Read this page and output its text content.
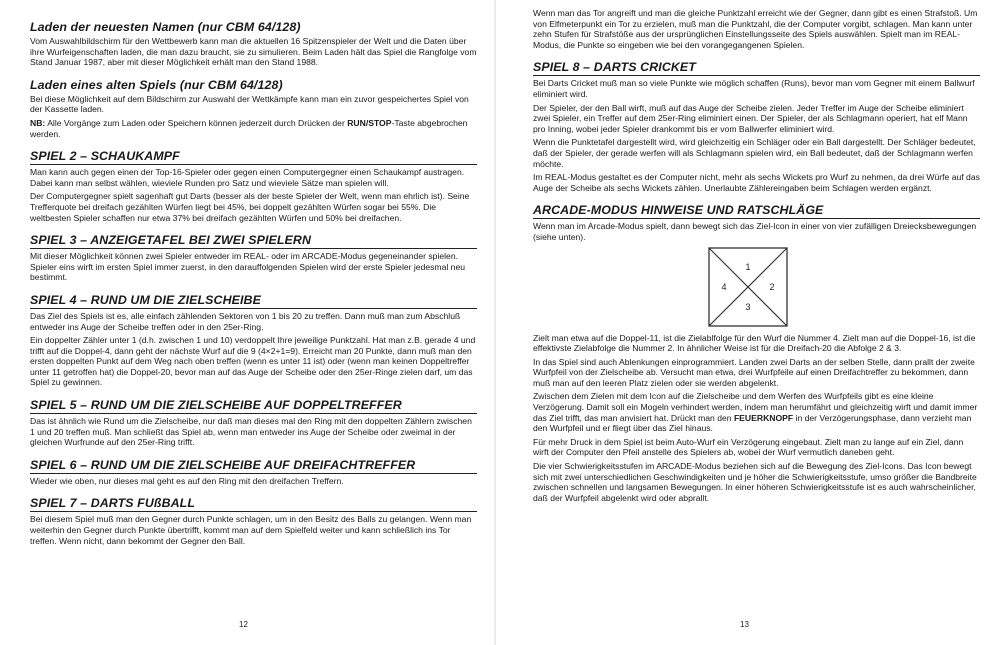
Laden der neuesten Namen (nur CBM 64/128)

Vom Auswahlbildschirm für den Wettbewerb kann man die aktuellen 16 Spitzenspieler der Welt und die Daten über ihre Wurfeigenschaften laden, die man dazu braucht, sie zu simulieren. Beim Laden hält das Spiel die Rangfolge vom Stand Januar 1987, aber mit dieser Möglichkeit erhält man den Stand 1988.

Laden eines alten Spiels (nur CBM 64/128)

Bei diese Möglichkeit auf dem Bildschirm zur Auswahl der Wettkämpfe kann man ein zuvor gespeichertes Spiel von der Kassette laden.

NB: Alle Vorgänge zum Laden oder Speichern können jederzeit durch Drücken der RUN/STOP-Taste abgebrochen werden.

SPIEL 2 – SCHAUKAMPF

Man kann auch gegen einen der Top-16-Spieler oder gegen einen Computergegner einen Schaukampf austragen. Dabei kann man selbst wählen, wieviele Runden pro Satz und wieviele Sätze man spielen will.

Der Computergegner spielt sagenhaft gut Darts (besser als der beste Spieler der Welt, wenn man ehrlich ist). Seine Trefferquote bei dreifach gezählten Würfen liegt bei 45%, bei doppelt gezählten Würfen sogar bei 55%. Die weltbesten Spieler schaffen nur etwa 37% bei dreifach gezählten Würfen und 50% bei dreifachen.

SPIEL 3 – ANZEIGETAFEL BEI ZWEI SPIELERN

Mit dieser Möglichkeit können zwei Spieler entweder im REAL- oder im ARCADE-Modus gegeneinander spielen. Spieler eins wirft im ersten Spiel immer zuerst, in den darauffolgenden Spielen wird der erste Spieler jedesmal neu bestimmt.

SPIEL 4 – RUND UM DIE ZIELSCHEIBE

Das Ziel des Spiels ist es, alle einfach zählenden Sektoren von 1 bis 20 zu treffen. Dann muß man zum Abschluß entweder ins Auge der Scheibe treffen oder in den 25er-Ring.

Ein doppelter Zähler unter 1 (d.h. zwischen 1 und 10) verdoppelt Ihre jeweilige Punktzahl. Hat man z.B. gerade 4 und trifft auf die Doppel-4, dann geht der nächste Wurf auf die 9 (4×2+1=9). Erreicht man 20 Punkte, dann muß man den ersten doppelten Punkt auf dem Weg nach oben treffen (wenn es unter 11 ist) oder (wenn man keinen Doppeltreffer unter 11 getroffen hat) die Doppel-20, bevor man auf das Auge der Scheibe oder den 25er-Ringe zielen darf, um das Spiel zu gewinnen.

SPIEL 5 – RUND UM DIE ZIELSCHEIBE AUF DOPPELTREFFER

Das ist ähnlich wie Rund um die Zielscheibe, nur daß man dieses mal den Ring mit den doppelten Zählern zwischen 1 und 20 treffen muß. Man schließt das Spiel ab, wenn man entweder ins Auge der Scheibe oder zweimal in der gleichen Wurfrunde auf den 25er-Ring trifft.

SPIEL 6 – RUND UM DIE ZIELSCHEIBE AUF DREIFACHTREFFER

Wieder wie oben, nur dieses mal geht es auf den Ring mit den dreifachen Treffern.

SPIEL 7 – DARTS FUßBALL

Bei diesem Spiel muß man den Gegner durch Punkte schlagen, um in den Besitz des Balls zu gelangen. Wenn man weiterhin den Gegner durch Punkte übertrifft, kommt man auf dem Spielfeld weiter und kann schließlich ins Tor treffen. Wenn nicht, dann bekommt der Gegner den Ball.

12

Wenn man das Tor angreift und man die gleiche Punktzahl erreicht wie der Gegner, dann gibt es einen Strafstoß. Um von Elfmeterpunkt ein Tor zu erzielen, muß man die Punktzahl, die der Computer vorgibt, schlagen. Man kann unter zehn Stufen für Strafstöße aus der ursprünglichen Einstellungsseite des Spiels auswählen. Spielt man im REAL-Modus, die Punkte so eingeben wie bei den vorangegangenen Spielen.

SPIEL 8 – DARTS CRICKET

Bei Darts Cricket muß man so viele Punkte wie möglich schaffen (Runs), bevor man vom Gegner mit einem Ballwurf eliminiert wird.

Der Spieler, der den Ball wirft, muß auf das Auge der Scheibe zielen. Jeder Treffer im Auge der Scheibe eliminiert zwei Spieler, ein Treffer auf dem 25er-Ring eliminiert einen. Der Spieler, der als Schlagmann operiert, hat elf Mann pro Inning, wobei jeder Spieler drankommt bis er vom Ballwerfer eliminiert wird.

Wenn die Punktetafel dargestellt wird, wird gleichzeitig ein Schläger oder ein Ball dargestellt. Der Schläger bedeutet, daß der Spieler, der gerade werfen will als Schlagmann spielen wird, ein Ball bedeutet, daß der Schlagmann werfen möchte.

Im REAL-Modus gestaltet es der Computer nicht, mehr als sechs Wickets pro Wurf zu nehmen, da drei Würfe auf das Auge der Scheibe als sechs Wickets zählen. Unerlaubte Zählereingaben beim Schlagen werden ergänzt.

ARCADE-MODUS HINWEISE UND RATSCHLÄGE

Wenn man im Arcade-Modus spielt, dann bewegt sich das Ziel-Icon in einer von vier zufälligen Dreiecksbewegungen (siehe unten).

1
2
3
4

Zielt man etwa auf die Doppel-11, ist die Zielablfolge für den Wurf die Nummer 4. Zielt man auf die Doppel-16, ist die effektivste Zielabfolge die Nummer 2. In ähnlicher Weise ist für die Dreifach-20 die Abfolge 2 & 3.

In das Spiel sind auch Ablenkungen einprogrammiert. Landen zwei Darts an der selben Stelle, dann prallt der zweite Wurfpfeil von der Zielscheibe ab. Versucht man etwa, drei Wurfpfeile auf einen Dreifachtreffer zu bekommen, dann muß man auf den leeren Platz zielen oder sie werden abgelenkt.

Zwischen dem Zielen mit dem Icon auf die Zielscheibe und dem Werfen des Wurfpfeils gibt es eine kleine Verzögerung. Damit soll ein Mogeln verhindert werden, indem man herumfährt und gleichzeitig wirft und damit immer das Ziel trifft, das man anvisiert hat. Drückt man den FEUERKNOPF in der Verzögerungsphase, dann verzieht man den Wurfpfeil und er fliegt über das Ziel hinaus.

Für mehr Druck in dem Spiel ist beim Auto-Wurf ein Verzögerung eingebaut. Zielt man zu lange auf ein Ziel, dann wirft der Computer den Pfeil anstelle des Spielers ab, wobei der Wurf vermutlich daneben geht.

Die vier Schwierigkeitsstufen im ARCADE-Modus beziehen sich auf die Bewegung des Ziel-Icons. Das Icon bewegt sich mit zwei unterschiedlichen Geschwindigkeiten und je höher die Schwierigkeitsstufe, umso größer die Bandbreite zwischen schnellen und langsamen Bewegungen. In einer höheren Schwierigkeitsstufe ist es auch wahrscheinlicher, daß der Wurfpfeil abgelenkt wird oder abprallt.

13
